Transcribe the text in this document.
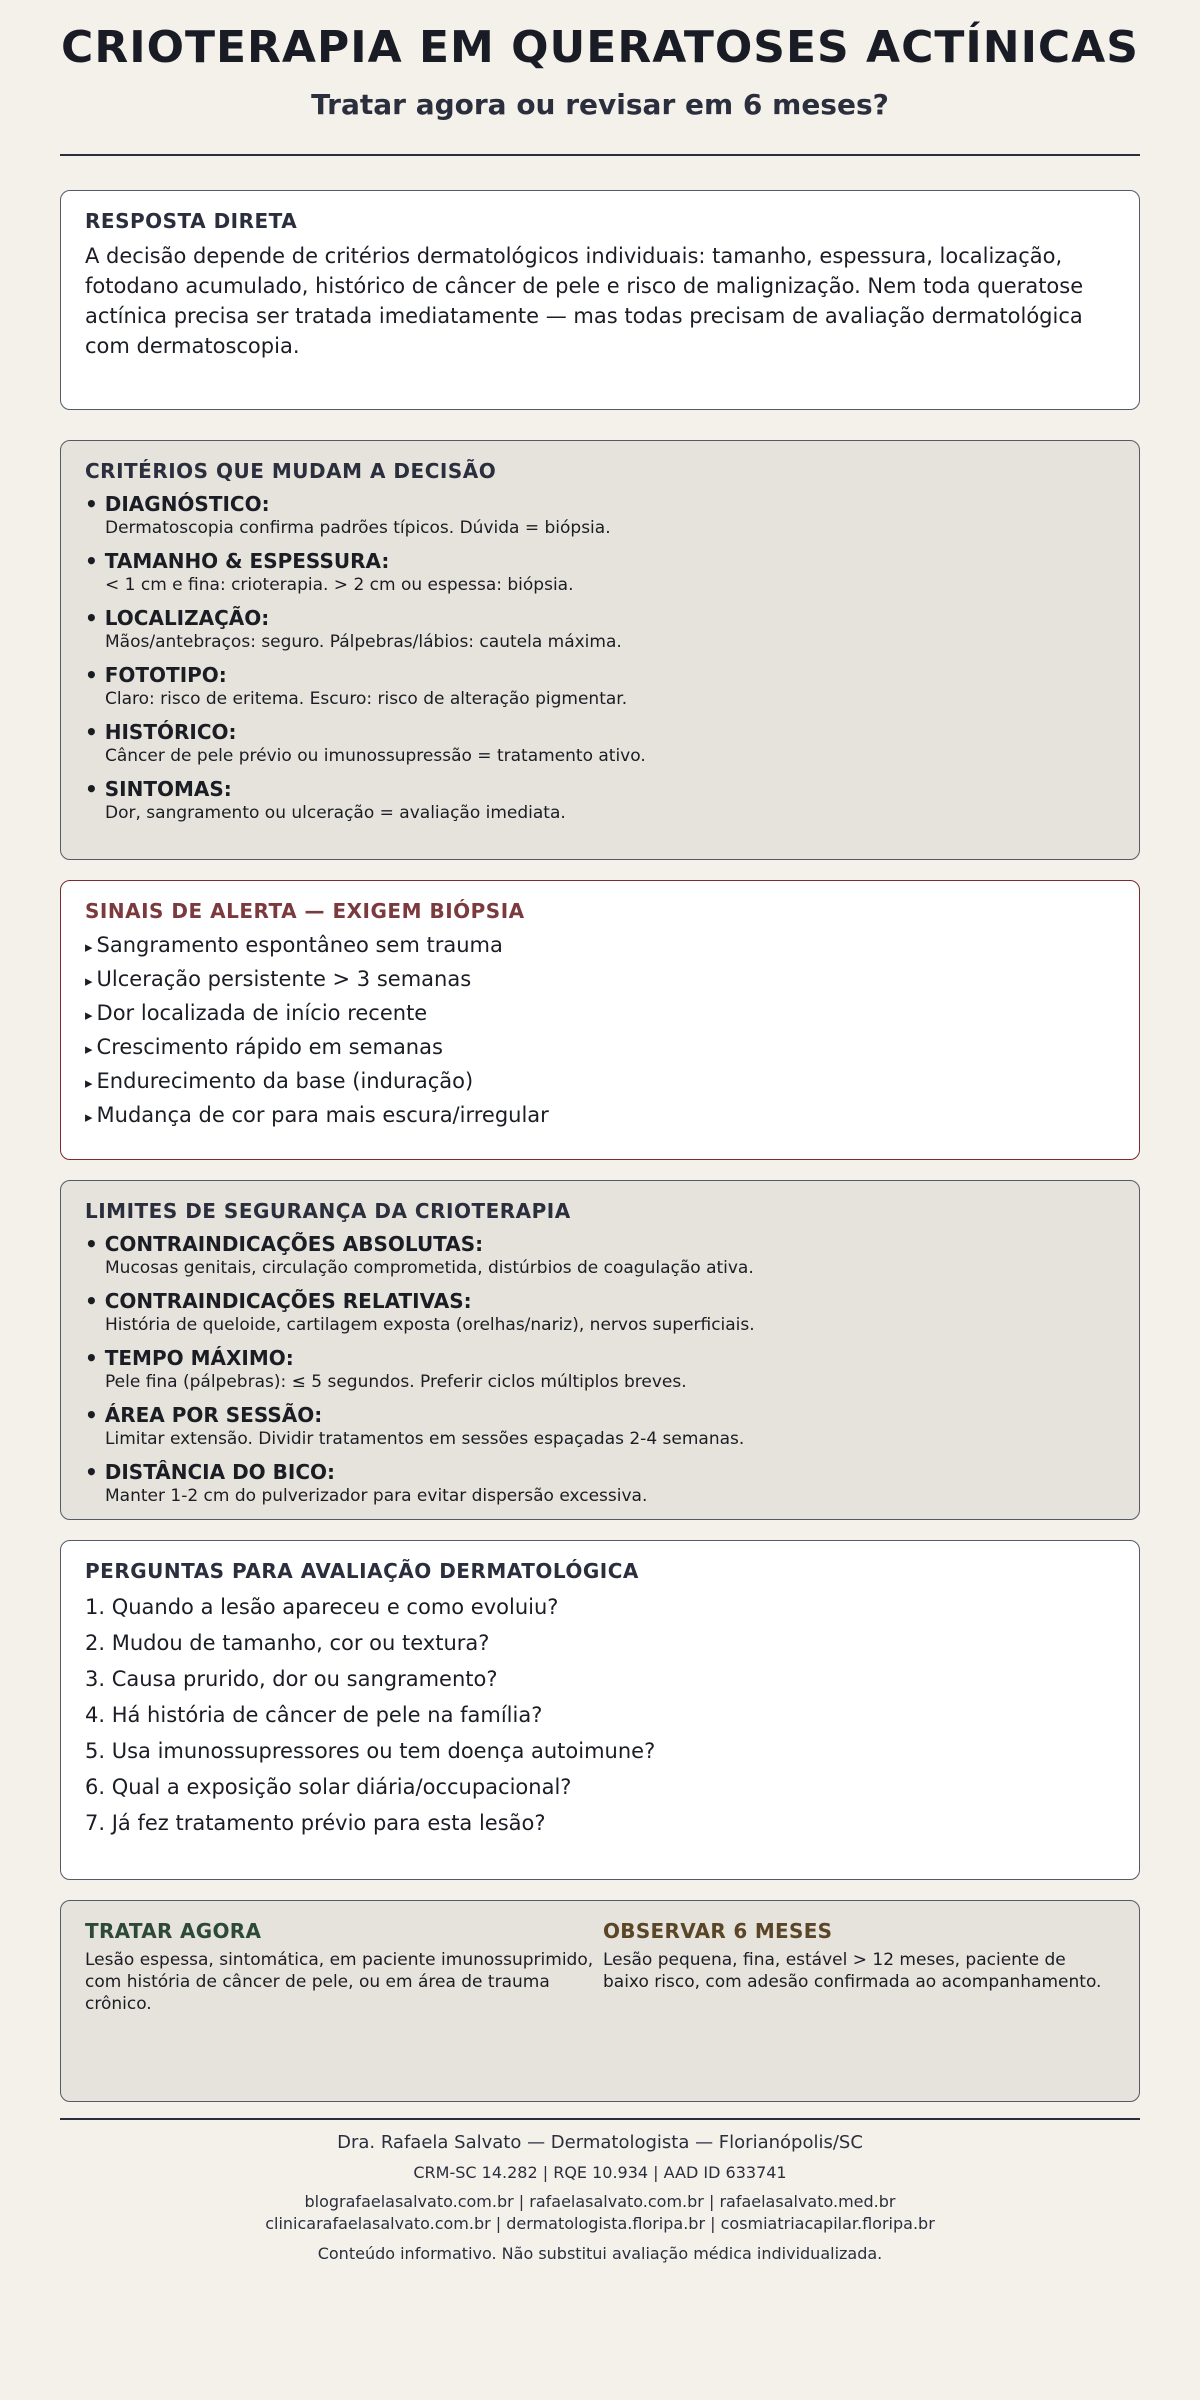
CRIOTERAPIA EM QUERATOSES ACTÍNICAS
Tratar agora ou revisar em 6 meses?
RESPOSTA DIRETA
A decisão depende de critérios dermatológicos individuais: tamanho, espessura, localização, fotodano acumulado, histórico de câncer de pele e risco de malignização. Nem toda queratose actínica precisa ser tratada imediatamente — mas todas precisam de avaliação dermatológica com dermatoscopia.
CRITÉRIOS QUE MUDAM A DECISÃO
• DIAGNÓSTICO:
Dermatoscopia confirma padrões típicos. Dúvida = biópsia.
• TAMANHO & ESPESSURA:
< 1 cm e fina: crioterapia. > 2 cm ou espessa: biópsia.
• LOCALIZAÇÃO:
Mãos/antebraços: seguro. Pálpebras/lábios: cautela máxima.
• FOTOTIPO:
Claro: risco de eritema. Escuro: risco de alteração pigmentar.
• HISTÓRICO:
Câncer de pele prévio ou imunossupressão = tratamento ativo.
• SINTOMAS:
Dor, sangramento ou ulceração = avaliação imediata.
SINAIS DE ALERTA — EXIGEM BIÓPSIA
▸ Sangramento espontâneo sem trauma
▸ Ulceração persistente > 3 semanas
▸ Dor localizada de início recente
▸ Crescimento rápido em semanas
▸ Endurecimento da base (induração)
▸ Mudança de cor para mais escura/irregular
LIMITES DE SEGURANÇA DA CRIOTERAPIA
• CONTRAINDICAÇÕES ABSOLUTAS:
Mucosas genitais, circulação comprometida, distúrbios de coagulação ativa.
• CONTRAINDICAÇÕES RELATIVAS:
História de queloide, cartilagem exposta (orelhas/nariz), nervos superficiais.
• TEMPO MÁXIMO:
Pele fina (pálpebras): ≤ 5 segundos. Preferir ciclos múltiplos breves.
• ÁREA POR SESSÃO:
Limitar extensão. Dividir tratamentos em sessões espaçadas 2-4 semanas.
• DISTÂNCIA DO BICO:
Manter 1-2 cm do pulverizador para evitar dispersão excessiva.
PERGUNTAS PARA AVALIAÇÃO DERMATOLÓGICA
1. Quando a lesão apareceu e como evoluiu?
2. Mudou de tamanho, cor ou textura?
3. Causa prurido, dor ou sangramento?
4. Há história de câncer de pele na família?
5. Usa imunossupressores ou tem doença autoimune?
6. Qual a exposição solar diária/occupacional?
7. Já fez tratamento prévio para esta lesão?
TRATAR AGORA
Lesão espessa, sintomática, em paciente imunossuprimido, com história de câncer de pele, ou em área de trauma crônico.
OBSERVAR 6 MESES
Lesão pequena, fina, estável > 12 meses, paciente de baixo risco, com adesão confirmada ao acompanhamento.
Dra. Rafaela Salvato — Dermatologista — Florianópolis/SC
CRM-SC 14.282 | RQE 10.934 | AAD ID 633741
blografaelasalvato.com.br | rafaelasalvato.com.br | rafaelasalvato.med.br
clinicarafaelasalvato.com.br | dermatologista.floripa.br | cosmiatriacapilar.floripa.br
Conteúdo informativo. Não substitui avaliação médica individualizada.
